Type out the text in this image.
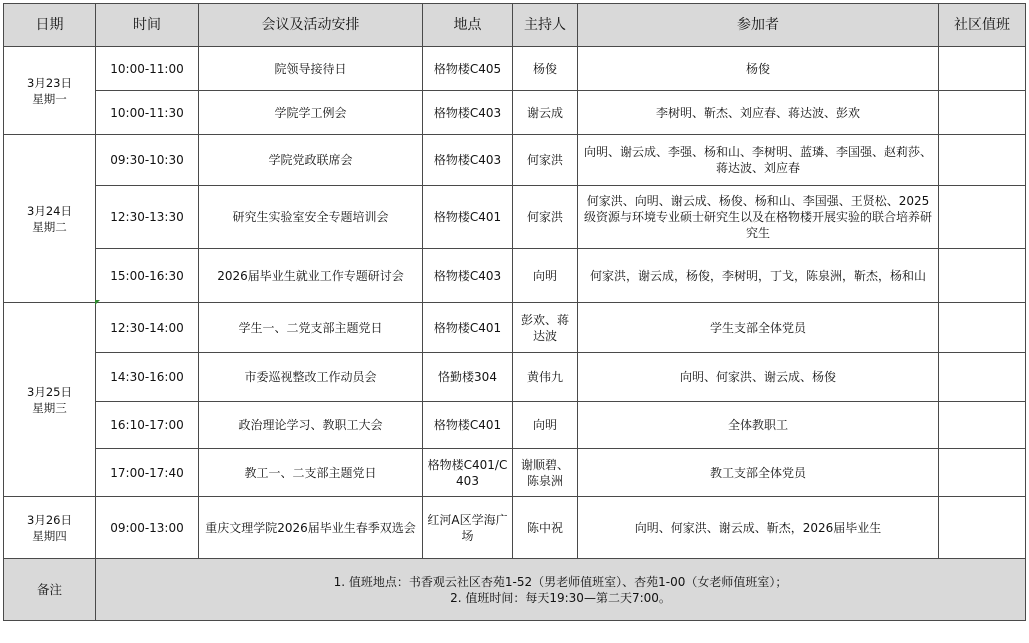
日期	时间	会议及活动安排	地点	主持人	参加者	社区值班

3月23日
星期一	10:00-11:00	院领导接待日	格物楼C405	杨俊	杨俊	
	10:00-11:30	学院学工例会	格物楼C403	谢云成	李树明、靳杰、刘应春、蒋达波、彭欢	

3月24日
星期二	09:30-10:30	学院党政联席会	格物楼C403	何家洪	向明、谢云成、李强、杨和山、李树明、蓝璘、李国强、赵莉莎、蒋达波、刘应春	
	12:30-13:30	研究生实验室安全专题培训会	格物楼C401	何家洪	何家洪、向明、谢云成、杨俊、杨和山、李国强、王贤松、2025级资源与环境专业硕士研究生以及在格物楼开展实验的联合培养研究生	
	15:00-16:30	2026届毕业生就业工作专题研讨会	格物楼C403	向明	何家洪，谢云成，杨俊，李树明，丁戈，陈泉洲，靳杰，杨和山	

3月25日
星期三	12:30-14:00	学生一、二党支部主题党日	格物楼C401	彭欢、蒋达波	学生支部全体党员	
	14:30-16:00	市委巡视整改工作动员会	恪勤楼304	黄伟九	向明、何家洪、谢云成、杨俊	
	16:10-17:00	政治理论学习、教职工大会	格物楼C401	向明	全体教职工	
	17:00-17:40	教工一、二支部主题党日	格物楼C401/C403	谢顺碧、陈泉洲	教工支部全体党员	

3月26日
星期四	09:00-13:00	重庆文理学院2026届毕业生春季双选会	红河A区学海广场	陈中祝	向明、何家洪、谢云成、靳杰，2026届毕业生	
备注	1. 值班地点：书香观云社区杏苑1-52（男老师值班室）、杏苑1-00（女老师值班室）；
2. 值班时间：每天19:30—第二天7:00。					
